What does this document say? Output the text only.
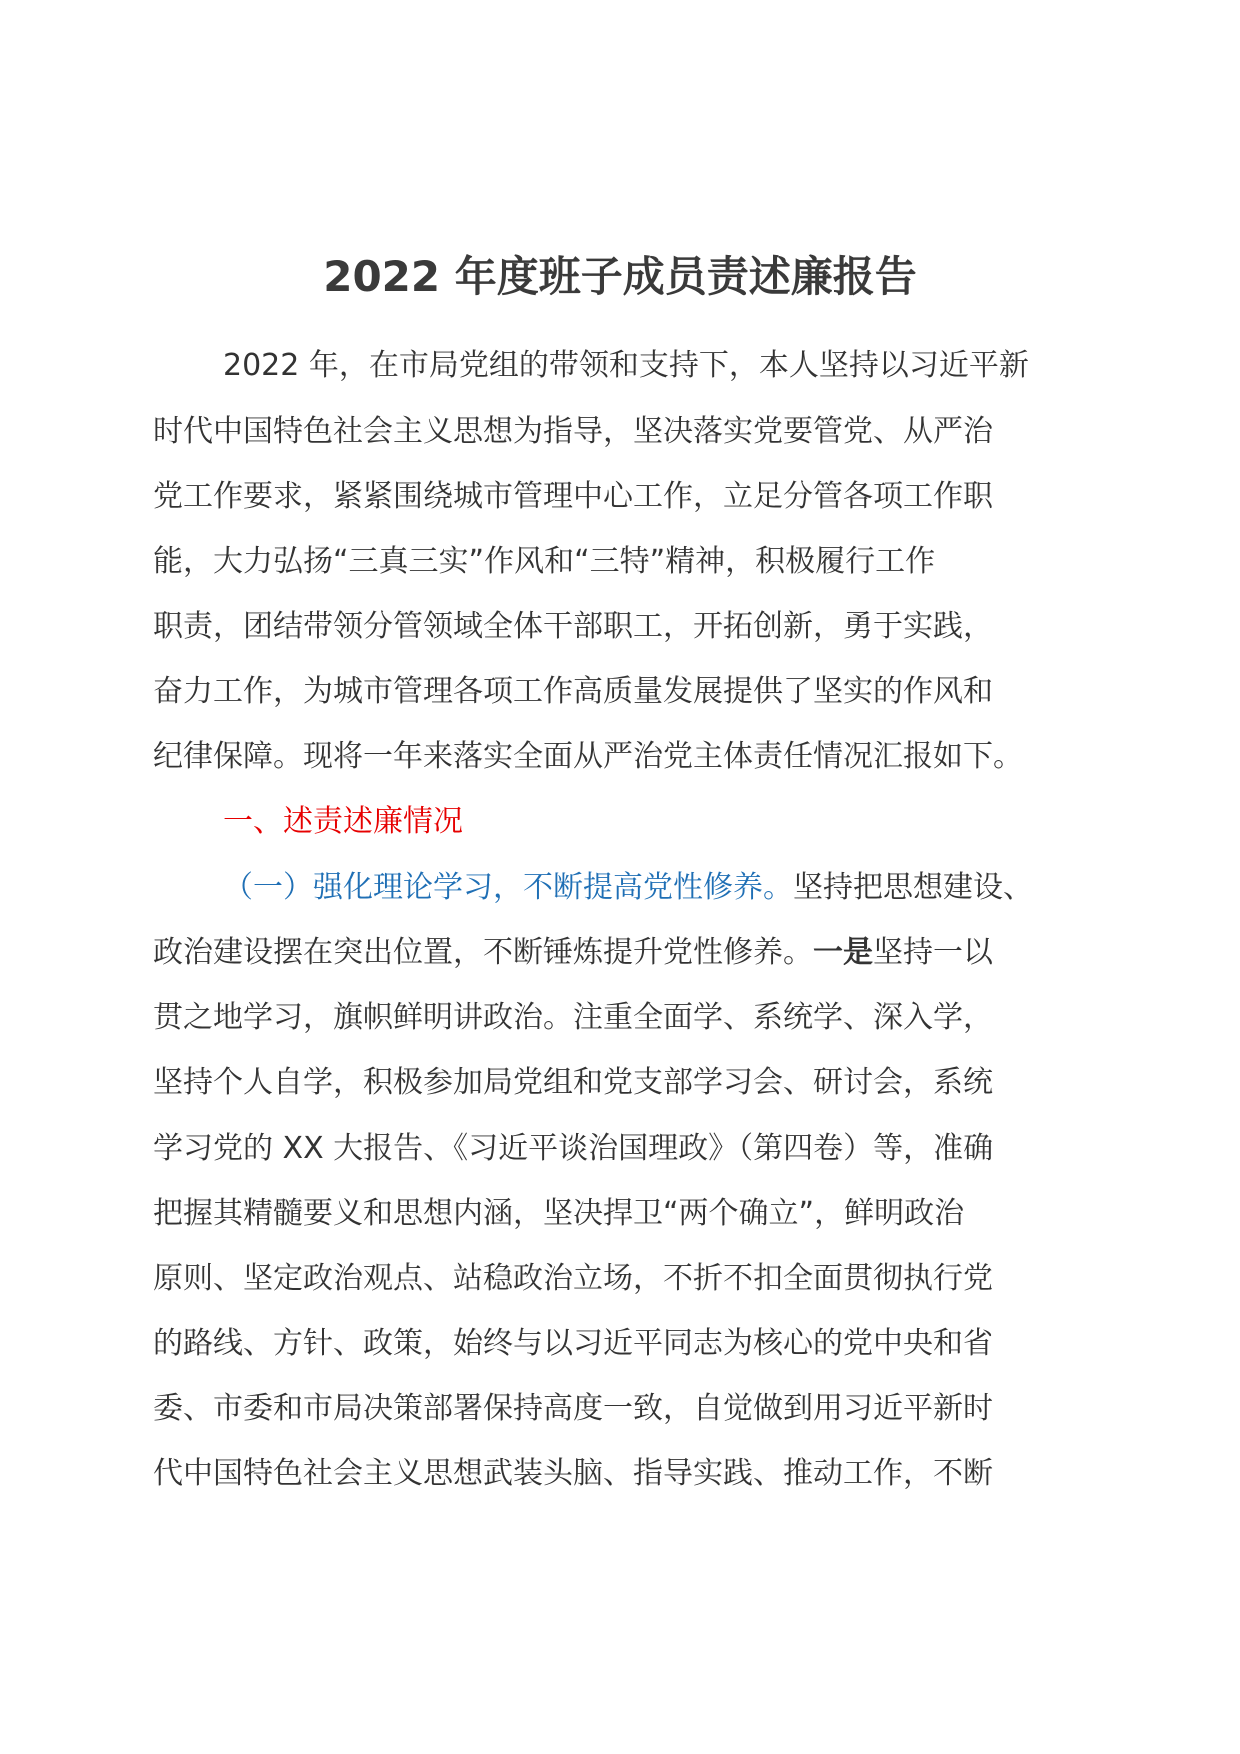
2022 年度班子成员责述廉报告

2022 年，在市局党组的带领和支持下，本人坚持以习近平新

时代中国特色社会主义思想为指导，坚决落实党要管党、从严治

党工作要求，紧紧围绕城市管理中心工作，立足分管各项工作职

能，大力弘扬“三真三实”作风和“三特”精神，积极履行工作

职责，团结带领分管领域全体干部职工，开拓创新，勇于实践，

奋力工作，为城市管理各项工作高质量发展提供了坚实的作风和

纪律保障。现将一年来落实全面从严治党主体责任情况汇报如下。

一、述责述廉情况

（一）强化理论学习，不断提高党性修养。坚持把思想建设、

政治建设摆在突出位置，不断锤炼提升党性修养。一是坚持一以

贯之地学习，旗帜鲜明讲政治。注重全面学、系统学、深入学，

坚持个人自学，积极参加局党组和党支部学习会、研讨会，系统

学习党的 XX 大报告、《习近平谈治国理政》（第四卷）等，准确

把握其精髓要义和思想内涵，坚决捍卫“两个确立”，鲜明政治

原则、坚定政治观点、站稳政治立场，不折不扣全面贯彻执行党

的路线、方针、政策，始终与以习近平同志为核心的党中央和省

委、市委和市局决策部署保持高度一致，自觉做到用习近平新时

代中国特色社会主义思想武装头脑、指导实践、推动工作，不断
